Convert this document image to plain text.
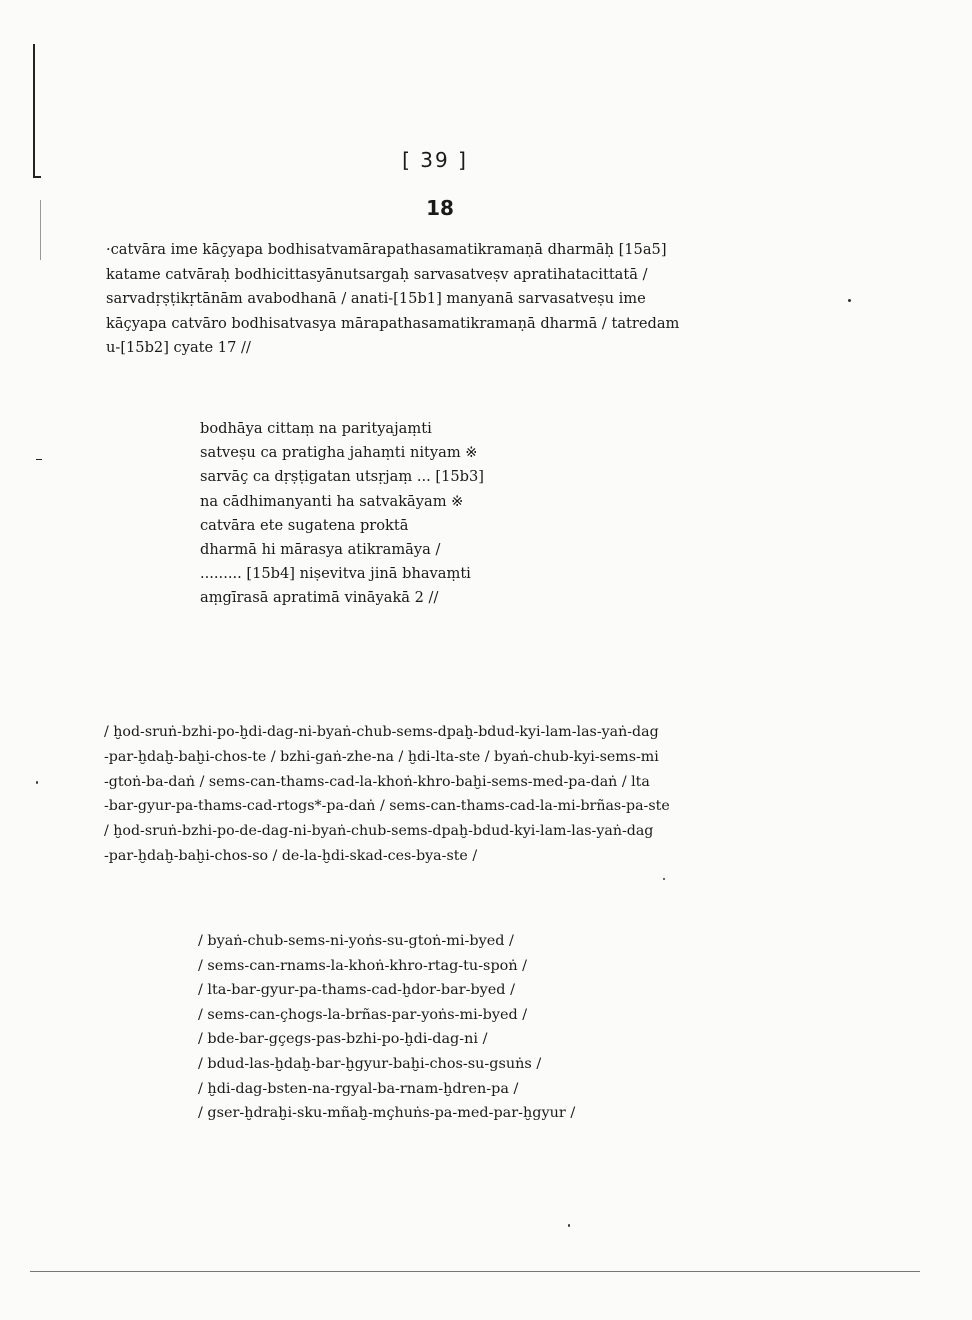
[ 39 ]
18
·catvāra ime kāçyapa bodhisatvamārapathasamatikramaṇā dharmāḥ [15a5]
katame catvāraḥ bodhicittasyānutsargaḥ sarvasatveṣv apratihatacittatā /
sarvadṛṣṭikṛtānām avabodhanā / anati-[15b1] manyanā sarvasatveṣu ime
kāçyapa catvāro bodhisatvasya mārapathasamatikramaṇā dharmā / tatredam
u-[15b2] cyate 17 //
bodhāya cittaṃ na parityajaṃti
satveṣu ca pratigha jahaṃti nityam ※
sarvāç ca dṛṣṭigatan utsṛjaṃ ... [15b3]
na cādhimanyanti ha satvakāyam ※
catvāra ete sugatena proktā
dharmā hi mārasya atikramāya /
......... [15b4] niṣevitva jinā bhavaṃti
aṃgīrasā apratimā vināyakā 2 //
/ ḫod-sruṅ-bzhi-po-ḫdi-dag-ni-byaṅ-chub-sems-dpaḫ-bdud-kyi-lam-las-yaṅ-dag
-par-ḫdaḫ-baḫi-chos-te / bzhi-gaṅ-zhe-na / ḫdi-lta-ste / byaṅ-chub-kyi-sems-mi
-gtoṅ-ba-daṅ / sems-can-thams-cad-la-khoṅ-khro-baḫi-sems-med-pa-daṅ / lta
-bar-gyur-pa-thams-cad-rtogs*-pa-daṅ / sems-can-thams-cad-la-mi-brñas-pa-ste
/ ḫod-sruṅ-bzhi-po-de-dag-ni-byaṅ-chub-sems-dpaḫ-bdud-kyi-lam-las-yaṅ-dag
-par-ḫdaḫ-baḫi-chos-so / de-la-ḫdi-skad-ces-bya-ste /
/ byaṅ-chub-sems-ni-yoṅs-su-gtoṅ-mi-byed /
/ sems-can-rnams-la-khoṅ-khro-rtag-tu-spoṅ /
/ lta-bar-gyur-pa-thams-cad-ḫdor-bar-byed /
/ sems-can-çhogs-la-brñas-par-yoṅs-mi-byed /
/ bde-bar-gçegs-pas-bzhi-po-ḫdi-dag-ni /
/ bdud-las-ḫdaḫ-bar-ḫgyur-baḫi-chos-su-gsuṅs /
/ ḫdi-dag-bsten-na-rgyal-ba-rnam-ḫdren-pa /
/ gser-ḫdraḫi-sku-mñaḫ-mçhuṅs-pa-med-par-ḫgyur /
